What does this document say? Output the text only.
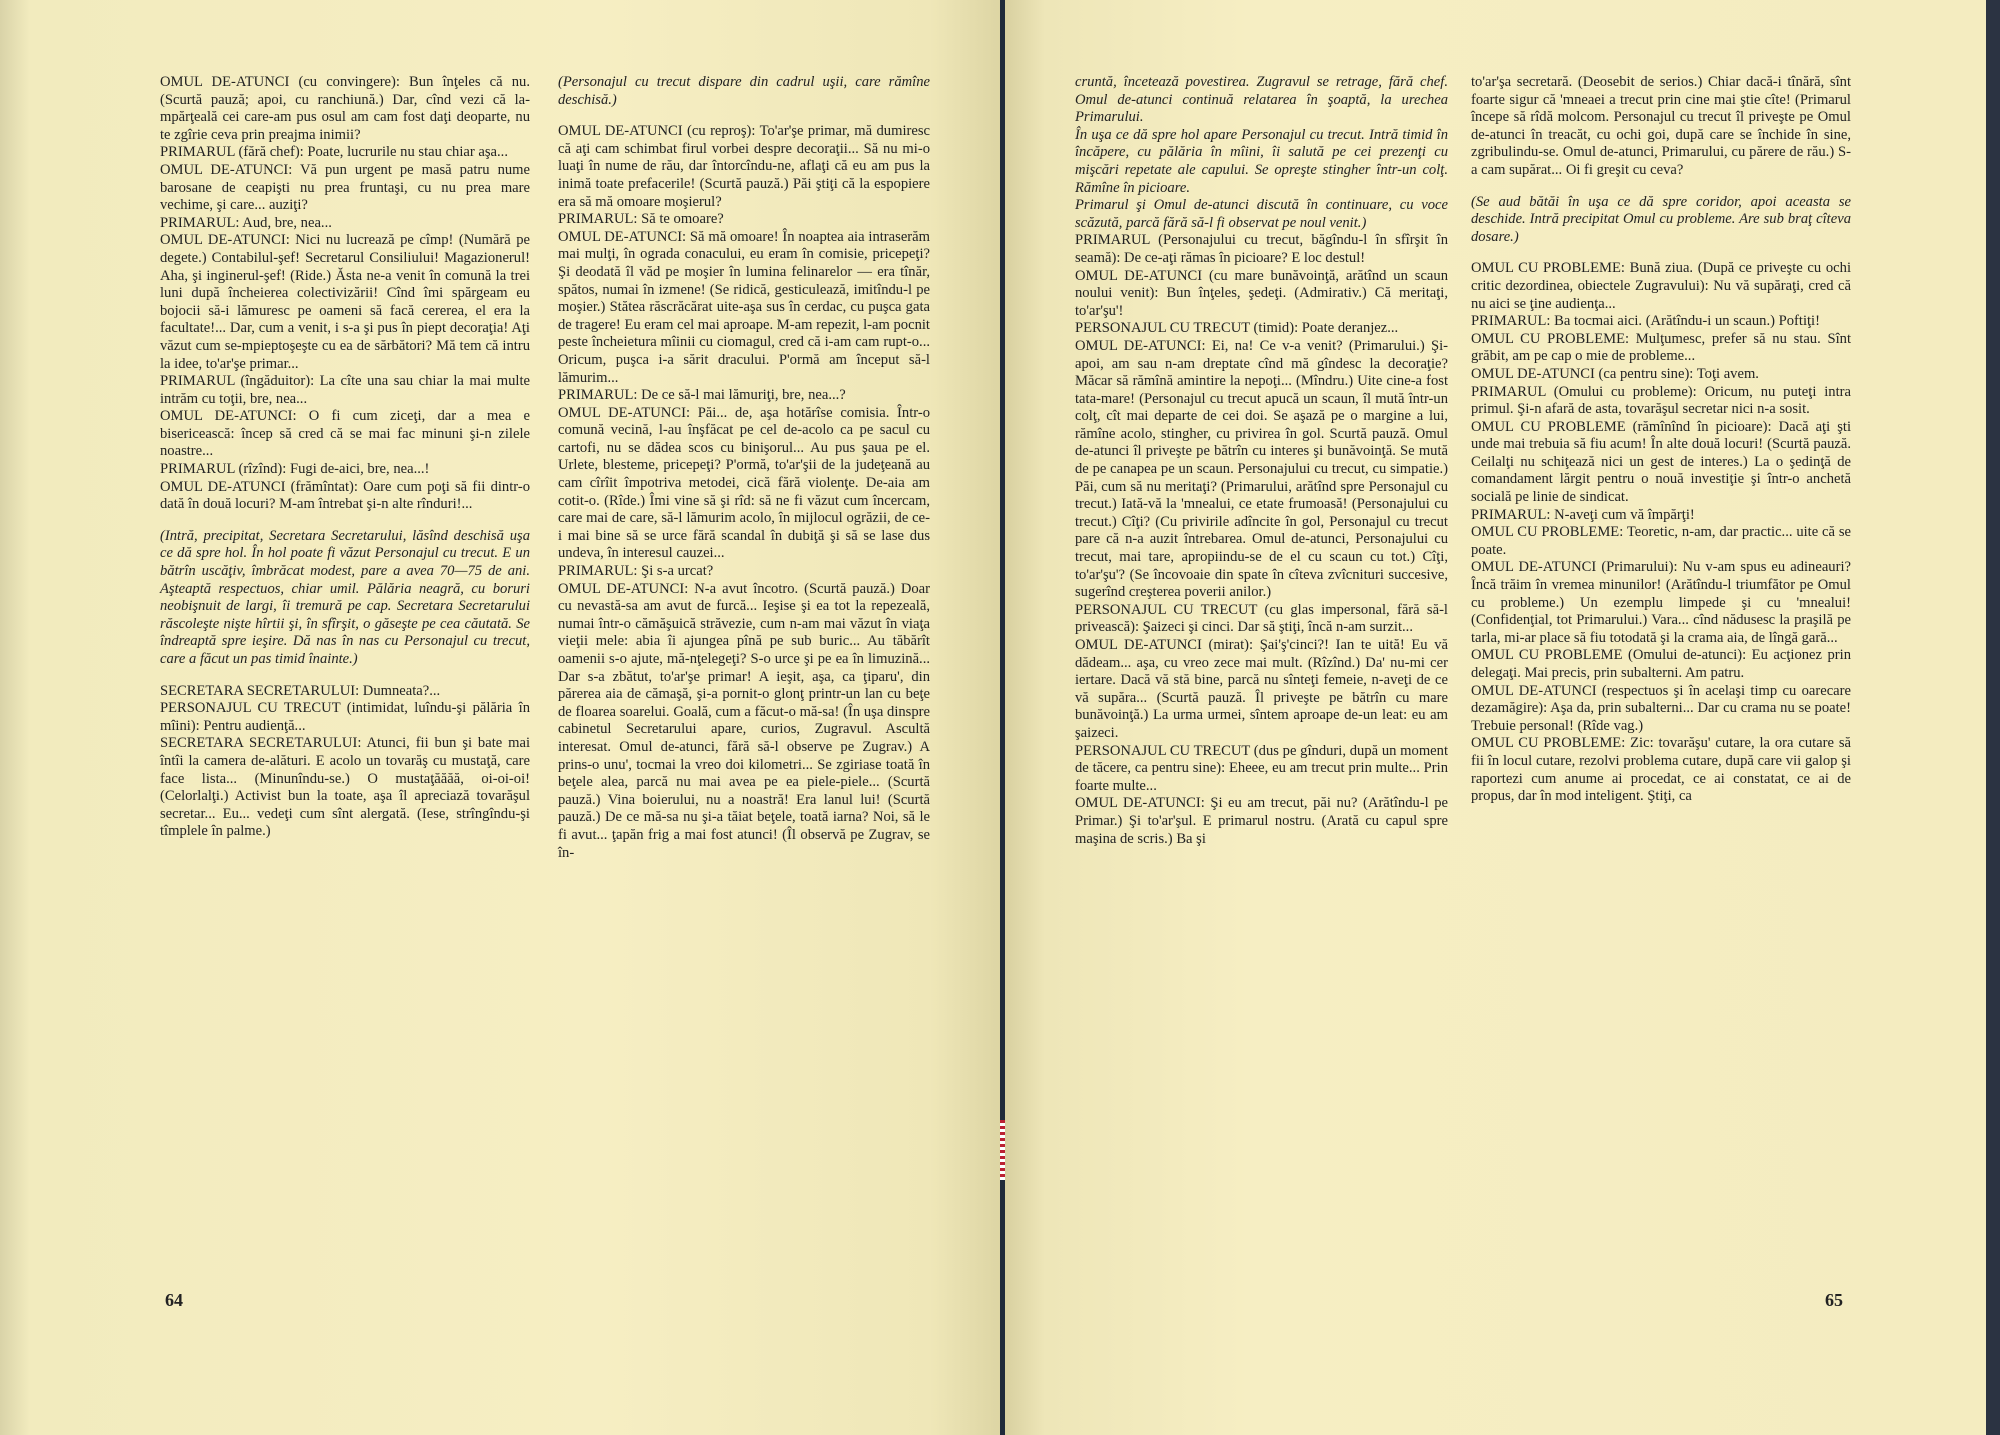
OMUL DE-ATUNCI (cu convingere): Bun înţeles că nu. (Scurtă pauză; apoi, cu ranchiună.) Dar, cînd vezi că la-mpărţeală cei care-am pus osul am cam fost daţi deoparte, nu te zgîrie ceva prin preajma inimii?

PRIMARUL (fără chef): Poate, lucrurile nu stau chiar aşa...

OMUL DE-ATUNCI: Vă pun urgent pe masă patru nume barosane de ceapişti nu prea fruntaşi, cu nu prea mare vechime, şi care... auziţi?

PRIMARUL: Aud, bre, nea...

OMUL DE-ATUNCI: Nici nu lucrează pe cîmp! (Numără pe degete.) Contabilul-şef! Secretarul Consiliului! Magazionerul! Aha, şi inginerul-şef! (Ride.) Ăsta ne-a venit în comună la trei luni după încheierea colectivizării! Cînd îmi spărgeam eu bojocii să-i lămuresc pe oameni să facă cererea, el era la facultate!... Dar, cum a venit, i s-a şi pus în piept decoraţia! Aţi văzut cum se-mpieptoşeşte cu ea de sărbători? Mă tem că intru la idee, to'ar'şe primar...

PRIMARUL (îngăduitor): La cîte una sau chiar la mai multe intrăm cu toţii, bre, nea...

OMUL DE-ATUNCI: O fi cum ziceţi, dar a mea e bisericească: încep să cred că se mai fac minuni şi-n zilele noastre...

PRIMARUL (rîzînd): Fugi de-aici, bre, nea...!

OMUL DE-ATUNCI (frămîntat): Oare cum poţi să fii dintr-o dată în două locuri? M-am întrebat şi-n alte rînduri!...

(Intră, precipitat, Secretara Secretarului, lăsînd deschisă uşa ce dă spre hol. În hol poate fi văzut Personajul cu trecut. E un bătrîn uscăţiv, îmbrăcat modest, pare a avea 70—75 de ani. Aşteaptă respectuos, chiar umil. Pălăria neagră, cu boruri neobişnuit de largi, îi tremură pe cap. Secretara Secretarului răscoleşte nişte hîrtii şi, în sfîrşit, o găseşte pe cea căutată. Se îndreaptă spre ieşire. Dă nas în nas cu Personajul cu trecut, care a făcut un pas timid înainte.)

SECRETARA SECRETARULUI: Dumneata?...

PERSONAJUL CU TRECUT (intimidat, luîndu-şi pălăria în mîini): Pentru audienţă...

SECRETARA SECRETARULUI: Atunci, fii bun şi bate mai întîi la camera de-alături. E acolo un tovarăş cu mustaţă, care face lista... (Minunîndu-se.) O mustaţăăăă, oi-oi-oi! (Celorlalţi.) Activist bun la toate, aşa îl apreciază tovarăşul secretar... Eu... vedeţi cum sînt alergată. (Iese, strîngîndu-şi tîmplele în palme.)

(Personajul cu trecut dispare din cadrul uşii, care rămîne deschisă.)

OMUL DE-ATUNCI (cu reproş): To'ar'şe primar, mă dumiresc că aţi cam schimbat firul vorbei despre decoraţii... Să nu mi-o luaţi în nume de rău, dar întorcîndu-ne, aflaţi că eu am pus la inimă toate prefacerile! (Scurtă pauză.) Păi ştiţi că la espopiere era să mă omoare moşierul?

PRIMARUL: Să te omoare?

OMUL DE-ATUNCI: Să mă omoare! În noaptea aia intraserăm mai mulţi, în ograda conacului, eu eram în comisie, pricepeţi? Şi deodată îl văd pe moşier în lumina felinarelor — era tînăr, spătos, numai în izmene! (Se ridică, gesticulează, imitîndu-l pe moşier.) Stătea răscrăcărat uite-aşa sus în cerdac, cu puşca gata de tragere! Eu eram cel mai aproape. M-am repezit, l-am pocnit peste încheietura mîinii cu ciomagul, cred că i-am cam rupt-o... Oricum, puşca i-a sărit dracului. P'ormă am început să-l lămurim...

PRIMARUL: De ce să-l mai lămuriţi, bre, nea...?

OMUL DE-ATUNCI: Păi... de, aşa hotărîse comisia. Într-o comună vecină, l-au înşfăcat pe cel de-acolo ca pe sacul cu cartofi, nu se dădea scos cu binişorul... Au pus şaua pe el. Urlete, blesteme, pricepeţi? P'ormă, to'ar'şii de la judeţeană au cam cîrîit împotriva metodei, cică fără violenţe. De-aia am cotit-o. (Rîde.) Îmi vine să şi rîd: să ne fi văzut cum încercam, care mai de care, să-l lămurim acolo, în mijlocul ogrăzii, de ce-i mai bine să se urce fără scandal în dubiţă şi să se lase dus undeva, în interesul cauzei...

PRIMARUL: Şi s-a urcat?

OMUL DE-ATUNCI: N-a avut încotro. (Scurtă pauză.) Doar cu nevastă-sa am avut de furcă... Ieşise şi ea tot la repezeală, numai într-o cămăşuică străvezie, cum n-am mai văzut în viaţa vieţii mele: abia îi ajungea pînă pe sub buric... Au tăbărît oamenii s-o ajute, mă-nţelegeţi? S-o urce şi pe ea în limuzină... Dar s-a zbătut, to'ar'şe primar! A ieşit, aşa, ca ţiparu', din părerea aia de cămaşă, şi-a pornit-o glonţ printr-un lan cu beţe de floarea soarelui. Goală, cum a făcut-o mă-sa! (În uşa dinspre cabinetul Secretarului apare, curios, Zugravul. Ascultă interesat. Omul de-atunci, fără să-l observe pe Zugrav.) A prins-o unu', tocmai la vreo doi kilometri... Se zgiriase toată în beţele alea, parcă nu mai avea pe ea piele-piele... (Scurtă pauză.) Vina boierului, nu a noastră! Era lanul lui! (Scurtă pauză.) De ce mă-sa nu şi-a tăiat beţele, toată iarna? Noi, să le fi avut... ţapăn frig a mai fost atunci! (Îl observă pe Zugrav, se în-

64

cruntă, încetează povestirea. Zugravul se retrage, fără chef. Omul de-atunci continuă relatarea în şoaptă, la urechea Primarului.

În uşa ce dă spre hol apare Personajul cu trecut. Intră timid în încăpere, cu pălăria în mîini, îi salută pe cei prezenţi cu mişcări repetate ale capului. Se opreşte stingher într-un colţ. Rămîne în picioare.

Primarul şi Omul de-atunci discută în continuare, cu voce scăzută, parcă fără să-l fi observat pe noul venit.)

PRIMARUL (Personajului cu trecut, băgîndu-l în sfîrşit în seamă): De ce-aţi rămas în picioare? E loc destul!

OMUL DE-ATUNCI (cu mare bunăvoinţă, arătînd un scaun noului venit): Bun înţeles, şedeţi. (Admirativ.) Că meritaţi, to'ar'şu'!

PERSONAJUL CU TRECUT (timid): Poate deranjez...

OMUL DE-ATUNCI: Ei, na! Ce v-a venit? (Primarului.) Şi-apoi, am sau n-am dreptate cînd mă gîndesc la decoraţie? Măcar să rămînă amintire la nepoţi... (Mîndru.) Uite cine-a fost tata-mare! (Personajul cu trecut apucă un scaun, îl mută într-un colţ, cît mai departe de cei doi. Se aşază pe o margine a lui, rămîne acolo, stingher, cu privirea în gol. Scurtă pauză. Omul de-atunci îl priveşte pe bătrîn cu interes şi bunăvoinţă. Se mută de pe canapea pe un scaun. Personajului cu trecut, cu simpatie.) Păi, cum să nu meritaţi? (Primarului, arătînd spre Personajul cu trecut.) Iată-vă la 'mnealui, ce etate frumoasă! (Personajului cu trecut.) Cîţi? (Cu privirile adîncite în gol, Personajul cu trecut pare că n-a auzit întrebarea. Omul de-atunci, Personajului cu trecut, mai tare, apropiindu-se de el cu scaun cu tot.) Cîţi, to'ar'şu'? (Se încovoaie din spate în cîteva zvîcnituri succesive, sugerînd creşterea poverii anilor.)

PERSONAJUL CU TRECUT (cu glas impersonal, fără să-l privească): Şaizeci şi cinci. Dar să ştiţi, încă n-am surzit...

OMUL DE-ATUNCI (mirat): Şai'ş'cinci?! Ian te uită! Eu vă dădeam... aşa, cu vreo zece mai mult. (Rîzînd.) Da' nu-mi cer iertare. Dacă vă stă bine, parcă nu sînteţi femeie, n-aveţi de ce vă supăra... (Scurtă pauză. Îl priveşte pe bătrîn cu mare bunăvoinţă.) La urma urmei, sîntem aproape de-un leat: eu am şaizeci.

PERSONAJUL CU TRECUT (dus pe gînduri, după un moment de tăcere, ca pentru sine): Eheee, eu am trecut prin multe... Prin foarte multe...

OMUL DE-ATUNCI: Şi eu am trecut, păi nu? (Arătîndu-l pe Primar.) Şi to'ar'şul. E primarul nostru. (Arată cu capul spre maşina de scris.) Ba şi

to'ar'şa secretară. (Deosebit de serios.) Chiar dacă-i tînără, sînt foarte sigur că 'mneaei a trecut prin cine mai ştie cîte! (Primarul începe să rîdă molcom. Personajul cu trecut îl priveşte pe Omul de-atunci în treacăt, cu ochi goi, după care se închide în sine, zgribulindu-se. Omul de-atunci, Primarului, cu părere de rău.) S-a cam supărat... Oi fi greşit cu ceva?

(Se aud bătăi în uşa ce dă spre coridor, apoi aceasta se deschide. Intră precipitat Omul cu probleme. Are sub braţ cîteva dosare.)

OMUL CU PROBLEME: Bună ziua. (După ce priveşte cu ochi critic dezordinea, obiectele Zugravului): Nu vă supăraţi, cred că nu aici se ţine audienţa...

PRIMARUL: Ba tocmai aici. (Arătîndu-i un scaun.) Poftiţi!

OMUL CU PROBLEME: Mulţumesc, prefer să nu stau. Sînt grăbit, am pe cap o mie de probleme...

OMUL DE-ATUNCI (ca pentru sine): Toţi avem.

PRIMARUL (Omului cu probleme): Oricum, nu puteţi intra primul. Şi-n afară de asta, tovarăşul secretar nici n-a sosit.

OMUL CU PROBLEME (rămînînd în picioare): Dacă aţi şti unde mai trebuia să fiu acum! În alte două locuri! (Scurtă pauză. Ceilalţi nu schiţează nici un gest de interes.) La o şedinţă de comandament lărgit pentru o nouă investiţie şi într-o anchetă socială pe linie de sindicat.

PRIMARUL: N-aveţi cum vă împărţi!

OMUL CU PROBLEME: Teoretic, n-am, dar practic... uite că se poate.

OMUL DE-ATUNCI (Primarului): Nu v-am spus eu adineauri? Încă trăim în vremea minunilor! (Arătîndu-l triumfător pe Omul cu probleme.) Un ezemplu limpede şi cu 'mnealui! (Confidenţial, tot Primarului.) Vara... cînd nădusesc la praşilă pe tarla, mi-ar place să fiu totodată şi la crama aia, de lîngă gară...

OMUL CU PROBLEME (Omului de-atunci): Eu acţionez prin delegaţi. Mai precis, prin subalterni. Am patru.

OMUL DE-ATUNCI (respectuos şi în acelaşi timp cu oarecare dezamăgire): Aşa da, prin subalterni... Dar cu crama nu se poate! Trebuie personal! (Rîde vag.)

OMUL CU PROBLEME: Zic: tovarăşu' cutare, la ora cutare să fii în locul cutare, rezolvi problema cutare, după care vii galop şi raportezi cum anume ai procedat, ce ai constatat, ce ai de propus, dar în mod inteligent. Ştiţi, ca

65
